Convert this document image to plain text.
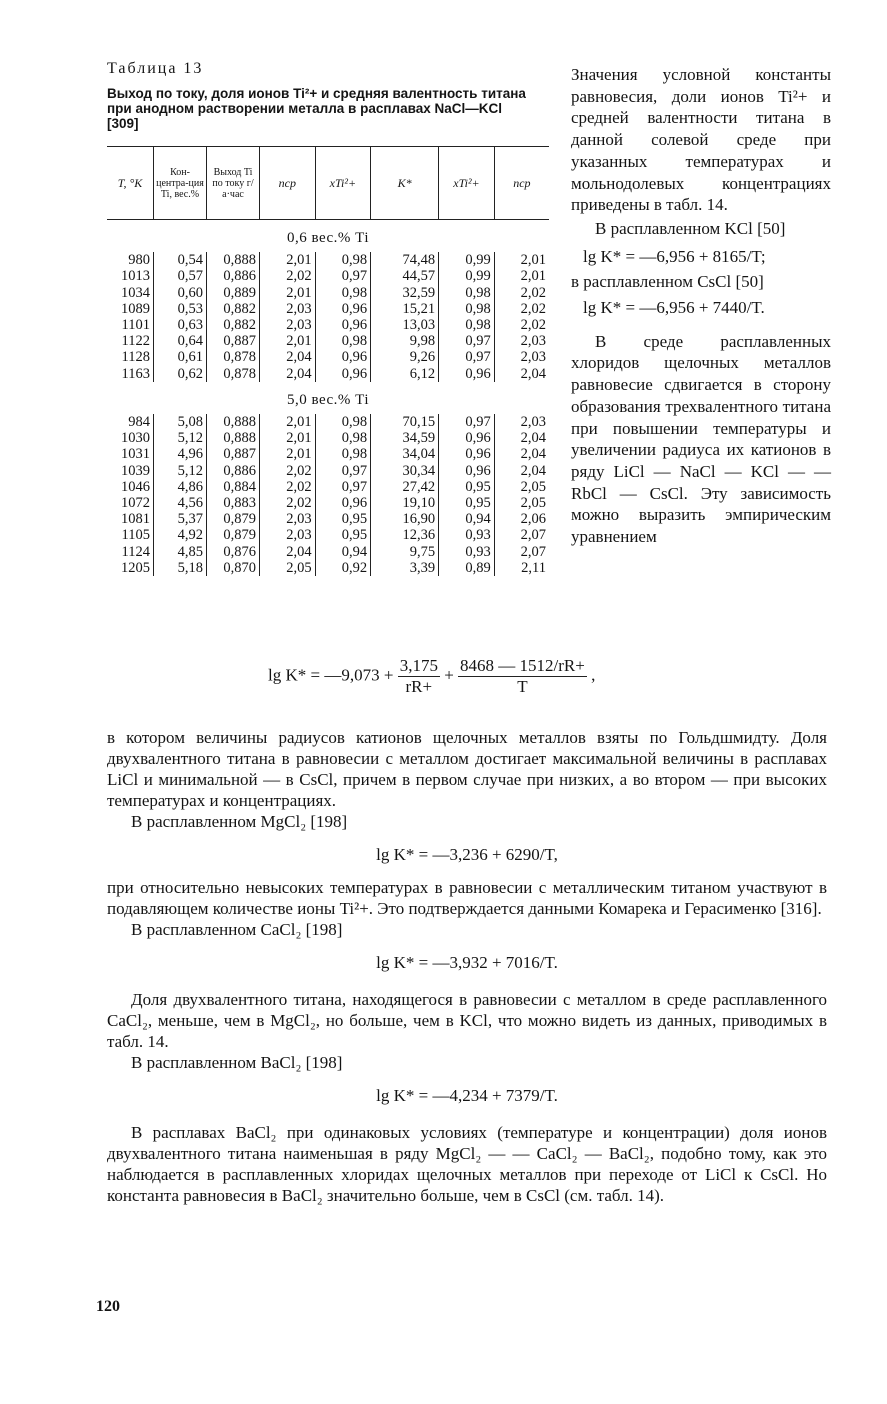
Таблица 13
Выход по току, доля ионов Ti²+ и средняя валентность титана при анодном растворении металла в расплавах NaCl—KCl [309]
T, °K	Кон-центра-ция Ti, вес.%	Выход Ti по току г/а·час	nср	xTi²+	K*	xTi²+	nср
0,6 вес.% Ti							
980	0,54	0,888	2,01	0,98	74,48	0,99	2,01
1013	0,57	0,886	2,02	0,97	44,57	0,99	2,01
1034	0,60	0,889	2,01	0,98	32,59	0,98	2,02
1089	0,53	0,882	2,03	0,96	15,21	0,98	2,02
1101	0,63	0,882	2,03	0,96	13,03	0,98	2,02
1122	0,64	0,887	2,01	0,98	9,98	0,97	2,03
1128	0,61	0,878	2,04	0,96	9,26	0,97	2,03
1163	0,62	0,878	2,04	0,96	6,12	0,96	2,04
5,0 вес.% Ti							
984	5,08	0,888	2,01	0,98	70,15	0,97	2,03
1030	5,12	0,888	2,01	0,98	34,59	0,96	2,04
1031	4,96	0,887	2,01	0,98	34,04	0,96	2,04
1039	5,12	0,886	2,02	0,97	30,34	0,96	2,04
1046	4,86	0,884	2,02	0,97	27,42	0,95	2,05
1072	4,56	0,883	2,02	0,96	19,10	0,95	2,05
1081	5,37	0,879	2,03	0,95	16,90	0,94	2,06
1105	4,92	0,879	2,03	0,95	12,36	0,93	2,07
1124	4,85	0,876	2,04	0,94	9,75	0,93	2,07
1205	5,18	0,870	2,05	0,92	3,39	0,89	2,11

Значения условной константы равновесия, доли ионов Ti²+ и средней валентности титана в данной солевой среде при указанных температурах и мольнодолевых концентрациях приведены в табл. 14.

В расплавленном KCl [50]

lg K* = —6,956 + 8165/T;

в расплавленном CsCl [50]

lg K* = —6,956 + 7440/T.

В среде расплавленных хлоридов щелочных металлов равновесие сдвигается в сторону образования трехвалентного титана при повышении температуры и увеличении радиуса их катионов в ряду LiCl — NaCl — KCl — — RbCl — CsCl. Эту зависимость можно выразить эмпирическим уравнением

lg K* = —9,073 + $\frac{3,175}{rR+} + \frac{8468 — 1512/rR+}{T}$ ,

в котором величины радиусов катионов щелочных металлов взяты по Гольдшмидту. Доля двухвалентного титана в равновесии с металлом достигает максимальной величины в расплавах LiCl и минимальной — в CsCl, причем в первом случае при низких, а во втором — при высоких температурах и концентрациях.

В расплавленном MgCl₂ [198]

lg K* = —3,236 + 6290/T,

при относительно невысоких температурах в равновесии с металлическим титаном участвуют в подавляющем количестве ионы Ti²+. Это подтверждается данными Комарека и Герасименко [316].

В расплавленном CaCl₂ [198]

lg K* = —3,932 + 7016/T.

Доля двухвалентного титана, находящегося в равновесии с металлом в среде расплавленного CaCl₂, меньше, чем в MgCl₂, но больше, чем в KCl, что можно видеть из данных, приводимых в табл. 14.

В расплавленном BaCl₂ [198]

lg K* = —4,234 + 7379/T.

В расплавах BaCl₂ при одинаковых условиях (температуре и концентрации) доля ионов двухвалентного титана наименьшая в ряду MgCl₂ — — CaCl₂ — BaCl₂, подобно тому, как это наблюдается в расплавленных хлоридах щелочных металлов при переходе от LiCl к CsCl. Но константа равновесия в BaCl₂ значительно больше, чем в CsCl (см. табл. 14).

120
